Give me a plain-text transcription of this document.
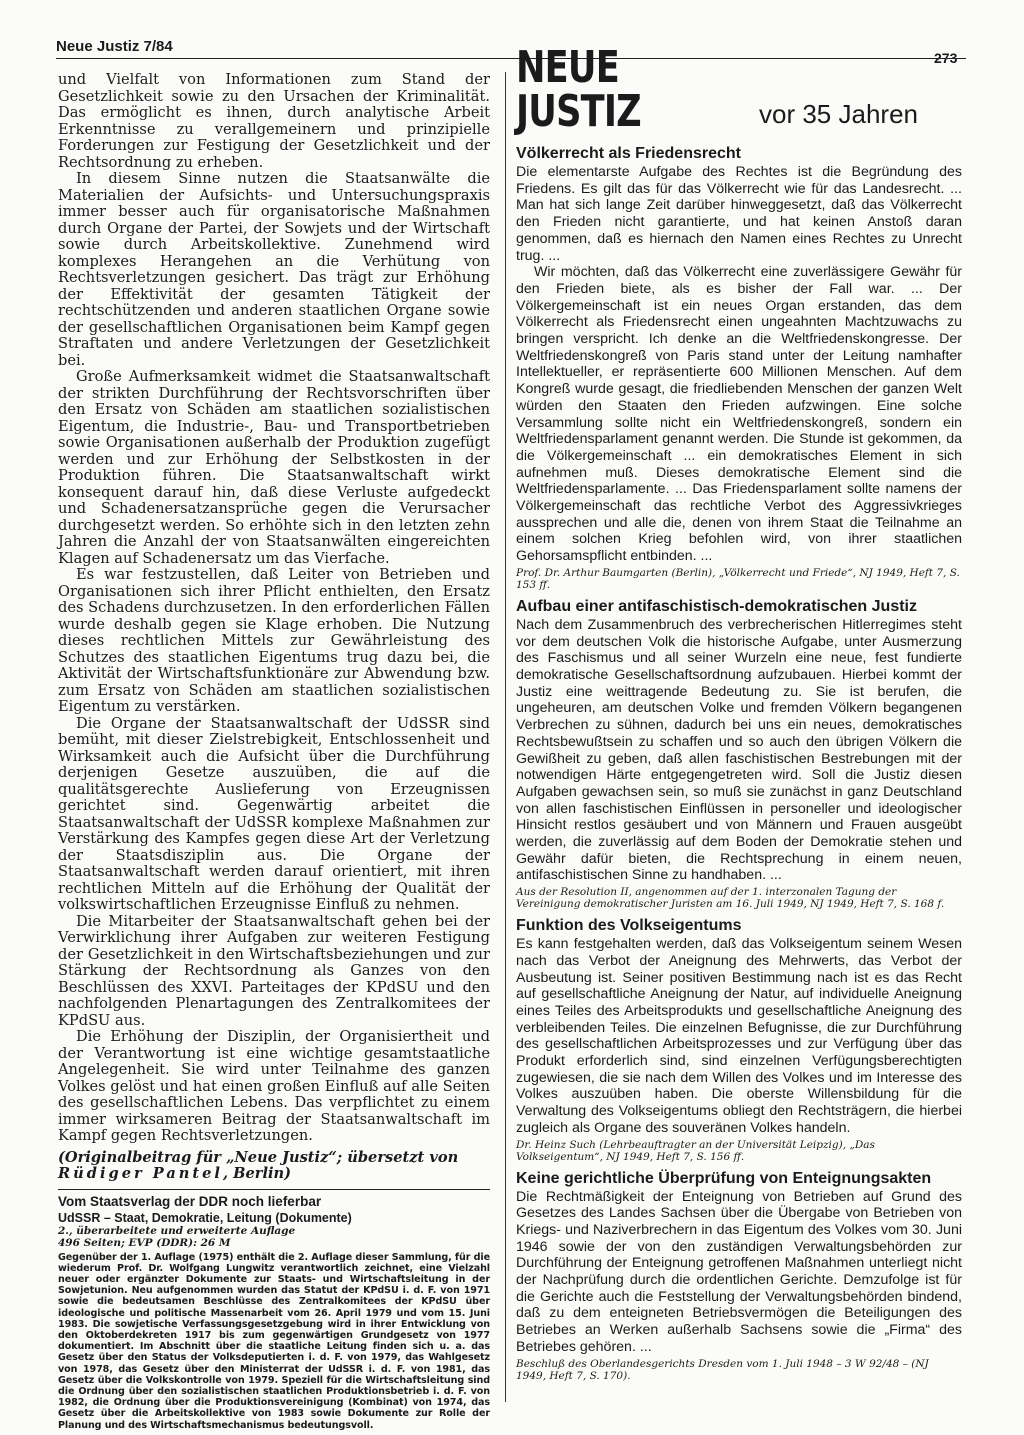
Neue Justiz 7/84
273

und Vielfalt von Informationen zum Stand der Gesetzlichkeit sowie zu den Ursachen der Kriminalität. Das ermöglicht es ihnen, durch analytische Arbeit Erkenntnisse zu verallgemeinern und prinzipielle Forderungen zur Festigung der Gesetzlichkeit und der Rechtsordnung zu erheben.

In diesem Sinne nutzen die Staatsanwälte die Materialien der Aufsichts- und Untersuchungspraxis immer besser auch für organisatorische Maßnahmen durch Organe der Partei, der Sowjets und der Wirtschaft sowie durch Arbeitskollektive. Zunehmend wird komplexes Herangehen an die Verhütung von Rechtsverletzungen gesichert. Das trägt zur Erhöhung der Effektivität der gesamten Tätigkeit der rechtschützenden und anderen staatlichen Organe sowie der gesellschaftlichen Organisationen beim Kampf gegen Straftaten und andere Verletzungen der Gesetzlichkeit bei.

Große Aufmerksamkeit widmet die Staatsanwaltschaft der strikten Durchführung der Rechtsvorschriften über den Ersatz von Schäden am staatlichen sozialistischen Eigentum, die Industrie-, Bau- und Transportbetrieben sowie Organisationen außerhalb der Produktion zugefügt werden und zur Erhöhung der Selbstkosten in der Produktion führen. Die Staatsanwaltschaft wirkt konsequent darauf hin, daß diese Verluste aufgedeckt und Schadenersatzansprüche gegen die Verursacher durchgesetzt werden. So erhöhte sich in den letzten zehn Jahren die Anzahl der von Staatsanwälten eingereichten Klagen auf Schadenersatz um das Vierfache.

Es war festzustellen, daß Leiter von Betrieben und Organisationen sich ihrer Pflicht enthielten, den Ersatz des Schadens durchzusetzen. In den erforderlichen Fällen wurde deshalb gegen sie Klage erhoben. Die Nutzung dieses rechtlichen Mittels zur Gewährleistung des Schutzes des staatlichen Eigentums trug dazu bei, die Aktivität der Wirtschaftsfunktionäre zur Abwendung bzw. zum Ersatz von Schäden am staatlichen sozialistischen Eigentum zu verstärken.

Die Organe der Staatsanwaltschaft der UdSSR sind bemüht, mit dieser Zielstrebigkeit, Entschlossenheit und Wirksamkeit auch die Aufsicht über die Durchführung derjenigen Gesetze auszuüben, die auf die qualitätsgerechte Auslieferung von Erzeugnissen gerichtet sind. Gegenwärtig arbeitet die Staatsanwaltschaft der UdSSR komplexe Maßnahmen zur Verstärkung des Kampfes gegen diese Art der Verletzung der Staatsdisziplin aus. Die Organe der Staatsanwaltschaft werden darauf orientiert, mit ihren rechtlichen Mitteln auf die Erhöhung der Qualität der volkswirtschaftlichen Erzeugnisse Einfluß zu nehmen.

Die Mitarbeiter der Staatsanwaltschaft gehen bei der Verwirklichung ihrer Aufgaben zur weiteren Festigung der Gesetzlichkeit in den Wirtschaftsbeziehungen und zur Stärkung der Rechtsordnung als Ganzes von den Beschlüssen des XXVI. Parteitages der KPdSU und den nachfolgenden Plenartagungen des Zentralkomitees der KPdSU aus.

Die Erhöhung der Disziplin, der Organisiertheit und der Verantwortung ist eine wichtige gesamtstaatliche Angelegenheit. Sie wird unter Teilnahme des ganzen Volkes gelöst und hat einen großen Einfluß auf alle Seiten des gesellschaftlichen Lebens. Das verpflichtet zu einem immer wirksameren Beitrag der Staatsanwaltschaft im Kampf gegen Rechtsverletzungen.

(Originalbeitrag für „Neue Justiz“; übersetzt von
Rüdiger Pantel, Berlin)

Vom Staatsverlag der DDR noch lieferbar
UdSSR – Staat, Demokratie, Leitung (Dokumente)
2., überarbeitete und erweiterte Auflage
496 Seiten; EVP (DDR): 26 M

Gegenüber der 1. Auflage (1975) enthält die 2. Auflage dieser Sammlung, für die wiederum Prof. Dr. Wolfgang Lungwitz verantwortlich zeichnet, eine Vielzahl neuer oder ergänzter Dokumente zur Staats- und Wirtschaftsleitung in der Sowjetunion. Neu aufgenommen wurden das Statut der KPdSU i. d. F. von 1971 sowie die bedeutsamen Beschlüsse des Zentralkomitees der KPdSU über ideologische und politische Massenarbeit vom 26. April 1979 und vom 15. Juni 1983. Die sowjetische Verfassungsgesetzgebung wird in ihrer Entwicklung von den Oktoberdekreten 1917 bis zum gegenwärtigen Grundgesetz von 1977 dokumentiert. Im Abschnitt über die staatliche Leitung finden sich u. a. das Gesetz über den Status der Volksdeputierten i. d. F. von 1979, das Wahlgesetz von 1978, das Gesetz über den Ministerrat der UdSSR i. d. F. von 1981, das Gesetz über die Volkskontrolle von 1979. Speziell für die Wirtschaftsleitung sind die Ordnung über den sozialistischen staatlichen Produktionsbetrieb i. d. F. von 1982, die Ordnung über die Produktionsvereinigung (Kombinat) von 1974, das Gesetz über die Arbeitskollektive von 1983 sowie Dokumente zur Rolle der Planung und des Wirtschaftsmechanismus bedeutungsvoll.

NEUE JUSTIZ	vor 35 Jahren
Völkerrecht als Friedensrecht

Die elementarste Aufgabe des Rechtes ist die Begründung des Friedens. Es gilt das für das Völkerrecht wie für das Landesrecht. ... Man hat sich lange Zeit darüber hinweggesetzt, daß das Völkerrecht den Frieden nicht garantierte, und hat keinen Anstoß daran genommen, daß es hiernach den Namen eines Rechtes zu Unrecht trug. ...

Wir möchten, daß das Völkerrecht eine zuverlässigere Gewähr für den Frieden biete, als es bisher der Fall war. ... Der Völkergemeinschaft ist ein neues Organ erstanden, das dem Völkerrecht als Friedensrecht einen ungeahnten Machtzuwachs zu bringen verspricht. Ich denke an die Weltfriedenskongresse. Der Weltfriedenskongreß von Paris stand unter der Leitung namhafter Intellektueller, er repräsentierte 600 Millionen Menschen. Auf dem Kongreß wurde gesagt, die friedliebenden Menschen der ganzen Welt würden den Staaten den Frieden aufzwingen. Eine solche Versammlung sollte nicht ein Weltfriedenskongreß, sondern ein Weltfriedensparlament genannt werden. Die Stunde ist gekommen, da die Völkergemeinschaft ... ein demokratisches Element in sich aufnehmen muß. Dieses demokratische Element sind die Weltfriedensparlamente. ... Das Friedensparlament sollte namens der Völkergemeinschaft das rechtliche Verbot des Aggressivkrieges aussprechen und alle die, denen von ihrem Staat die Teilnahme an einem solchen Krieg befohlen wird, von ihrer staatlichen Gehorsamspflicht entbinden. ...

Prof. Dr. Arthur Baumgarten (Berlin), „Völkerrecht und Friede“, NJ 1949, Heft 7, S. 153 ff.

Aufbau einer antifaschistisch-demokratischen Justiz

Nach dem Zusammenbruch des verbrecherischen Hitlerregimes steht vor dem deutschen Volk die historische Aufgabe, unter Ausmerzung des Faschismus und all seiner Wurzeln eine neue, fest fundierte demokratische Gesellschaftsordnung aufzubauen. Hierbei kommt der Justiz eine weittragende Bedeutung zu. Sie ist berufen, die ungeheuren, am deutschen Volke und fremden Völkern begangenen Verbrechen zu sühnen, dadurch bei uns ein neues, demokratisches Rechtsbewußtsein zu schaffen und so auch den übrigen Völkern die Gewißheit zu geben, daß allen faschistischen Bestrebungen mit der notwendigen Härte entgegengetreten wird. Soll die Justiz diesen Aufgaben gewachsen sein, so muß sie zunächst in ganz Deutschland von allen faschistischen Einflüssen in personeller und ideologischer Hinsicht restlos gesäubert und von Männern und Frauen ausgeübt werden, die zuverlässig auf dem Boden der Demokratie stehen und Gewähr dafür bieten, die Rechtsprechung in einem neuen, antifaschistischen Sinne zu handhaben. ...

Aus der Resolution II, angenommen auf der 1. interzonalen Tagung der Vereinigung demokratischer Juristen am 16. Juli 1949, NJ 1949, Heft 7, S. 168 f.

Funktion des Volkseigentums

Es kann festgehalten werden, daß das Volkseigentum seinem Wesen nach das Verbot der Aneignung des Mehrwerts, das Verbot der Ausbeutung ist. Seiner positiven Bestimmung nach ist es das Recht auf gesellschaftliche Aneignung der Natur, auf individuelle Aneignung eines Teiles des Arbeitsprodukts und gesellschaftliche Aneignung des verbleibenden Teiles. Die einzelnen Befugnisse, die zur Durchführung des gesellschaftlichen Arbeitsprozesses und zur Verfügung über das Produkt erforderlich sind, sind einzelnen Verfügungsberechtigten zugewiesen, die sie nach dem Willen des Volkes und im Interesse des Volkes auszuüben haben. Die oberste Willensbildung für die Verwaltung des Volkseigentums obliegt den Rechtsträgern, die hierbei zugleich als Organe des souveränen Volkes handeln.

Dr. Heinz Such (Lehrbeauftragter an der Universität Leipzig), „Das Volkseigentum“, NJ 1949, Heft 7, S. 156 ff.

Keine gerichtliche Überprüfung von Enteignungsakten

Die Rechtmäßigkeit der Enteignung von Betrieben auf Grund des Gesetzes des Landes Sachsen über die Übergabe von Betrieben von Kriegs- und Naziverbrechern in das Eigentum des Volkes vom 30. Juni 1946 sowie der von den zuständigen Verwaltungsbehörden zur Durchführung der Enteignung getroffenen Maßnahmen unterliegt nicht der Nachprüfung durch die ordentlichen Gerichte. Demzufolge ist für die Gerichte auch die Feststellung der Verwaltungsbehörden bindend, daß zu dem enteigneten Betriebsvermögen die Beteiligungen des Betriebes an Werken außerhalb Sachsens sowie die „Firma“ des Betriebes gehören. ...

Beschluß des Oberlandesgerichts Dresden vom 1. Juli 1948 – 3 W 92/48 – (NJ 1949, Heft 7, S. 170).
